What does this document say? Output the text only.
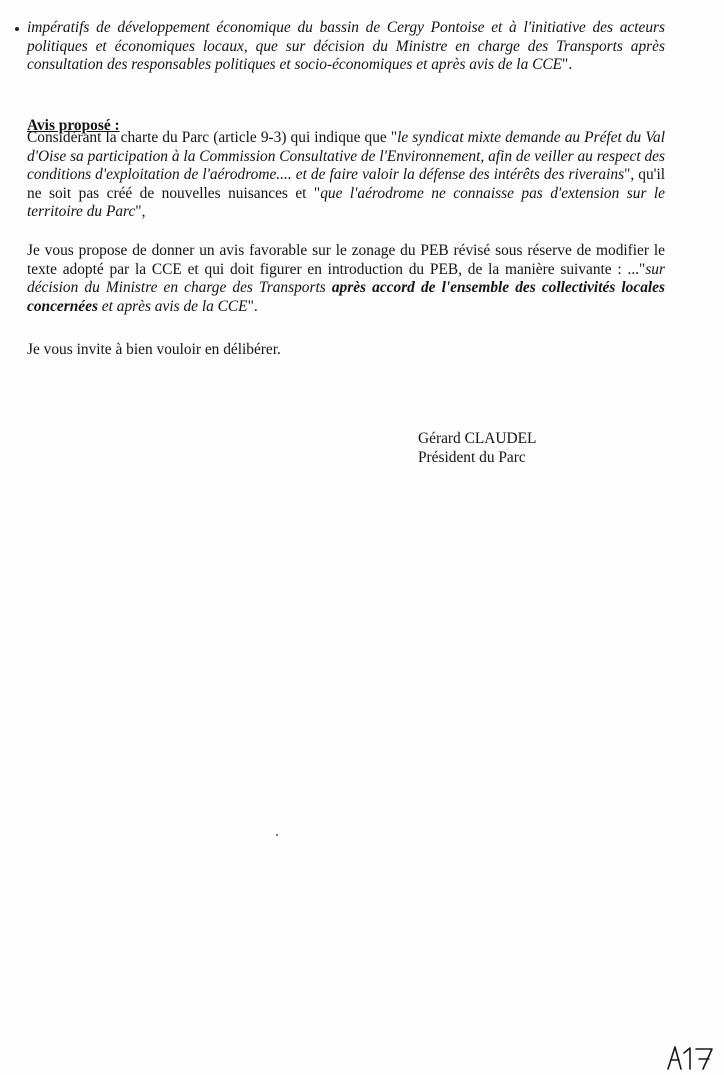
impératifs de développement économique du bassin de Cergy Pontoise et à l'initiative des acteurs politiques et économiques locaux, que sur décision du Ministre en charge des Transports après consultation des responsables politiques et socio-économiques et après avis de la CCE".

Avis proposé :

Considérant la charte du Parc (article 9-3) qui indique que "le syndicat mixte demande au Préfet du Val d'Oise sa participation à la Commission Consultative de l'Environnement, afin de veiller au respect des conditions d'exploitation de l'aérodrome.... et de faire valoir la défense des intérêts des riverains", qu'il ne soit pas créé de nouvelles nuisances et "que l'aérodrome ne connaisse pas d'extension sur le territoire du Parc",

Je vous propose de donner un avis favorable sur le zonage du PEB révisé sous réserve de modifier le texte adopté par la CCE et qui doit figurer en introduction du PEB, de la manière suivante : ..."sur décision du Ministre en charge des Transports après accord de l'ensemble des collectivités locales concernées et après avis de la CCE".

Je vous invite à bien vouloir en délibérer.

Gérard CLAUDEL
Président du Parc
